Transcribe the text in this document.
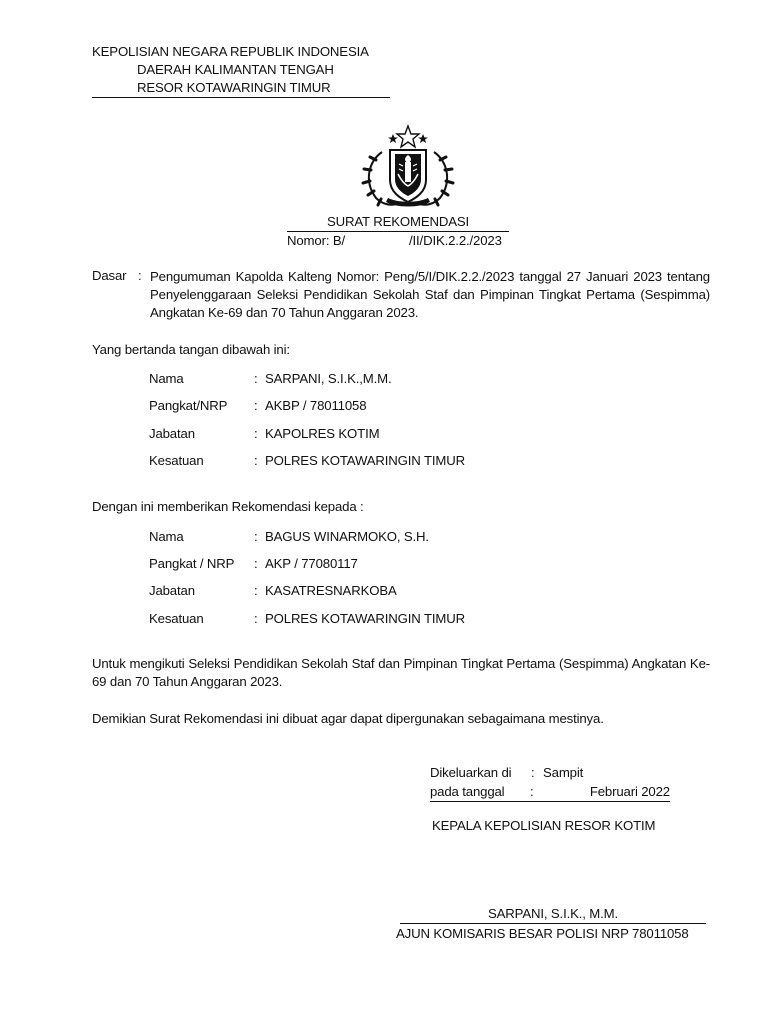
KEPOLISIAN NEGARA REPUBLIK INDONESIA
DAERAH KALIMANTAN TENGAH
RESOR KOTAWARINGIN TIMUR
SURAT REKOMENDASI
Nomor: B/	/II/DIK.2.2./2023
Dasar : Pengumuman Kapolda Kalteng Nomor: Peng/5/I/DIK.2.2./2023 tanggal 27 Januari 2023 tentang Penyelenggaraan Seleksi Pendidikan Sekolah Staf dan Pimpinan Tingkat Pertama (Sespimma) Angkatan Ke-69 dan 70 Tahun Anggaran 2023.
Yang bertanda tangan dibawah ini:
Nama	: SARPANI, S.I.K.,M.M.
Pangkat/NRP : AKBP / 78011058
Jabatan	: KAPOLRES KOTIM
Kesatuan	: POLRES KOTAWARINGIN TIMUR
Dengan ini memberikan Rekomendasi kepada :
Nama	: BAGUS WINARMOKO, S.H.
Pangkat / NRP : AKP / 77080117
Jabatan	: KASATRESNARKOBA
Kesatuan	: POLRES KOTAWARINGIN TIMUR
Untuk mengikuti Seleksi Pendidikan Sekolah Staf dan Pimpinan Tingkat Pertama (Sespimma) Angkatan Ke-69 dan 70 Tahun Anggaran 2023.
Demikian Surat Rekomendasi ini dibuat agar dapat dipergunakan sebagaimana mestinya.
Dikeluarkan di : Sampit
pada tanggal :	Februari 2022
KEPALA KEPOLISIAN RESOR KOTIM
SARPANI, S.I.K., M.M.
AJUN KOMISARIS BESAR POLISI NRP 78011058
